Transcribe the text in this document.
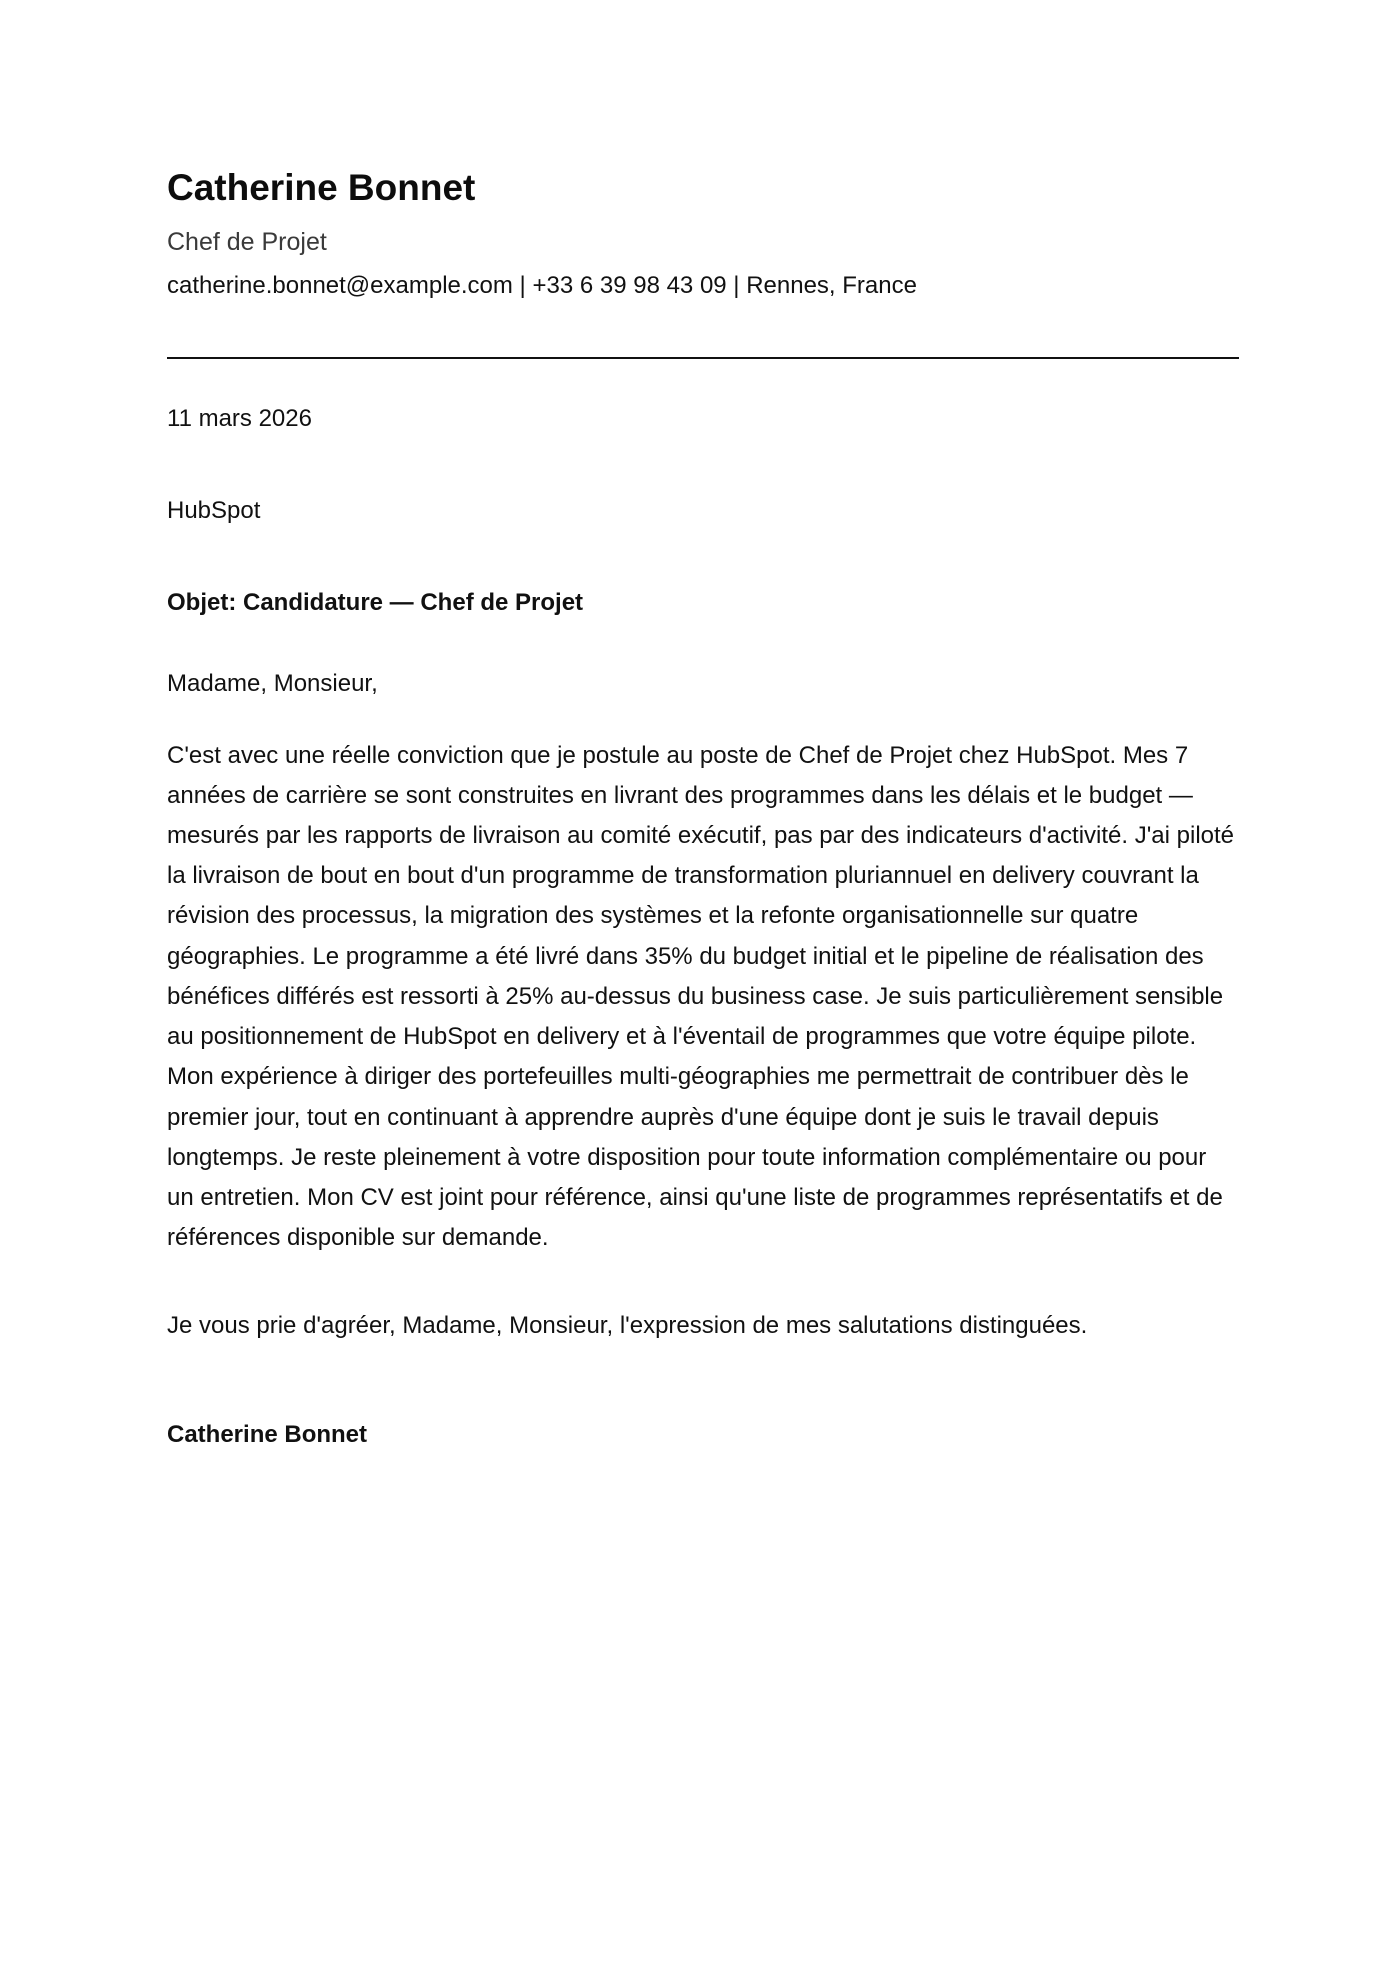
Catherine Bonnet
Chef de Projet
catherine.bonnet@example.com | +33 6 39 98 43 09 | Rennes, France
11 mars 2026
HubSpot
Objet: Candidature — Chef de Projet
Madame, Monsieur,

C'est avec une réelle conviction que je postule au poste de Chef de Projet chez HubSpot. Mes 7 années de carrière se sont construites en livrant des programmes dans les délais et le budget — mesurés par les rapports de livraison au comité exécutif, pas par des indicateurs d'activité. J'ai piloté la livraison de bout en bout d'un programme de transformation pluriannuel en delivery couvrant la révision des processus, la migration des systèmes et la refonte organisationnelle sur quatre géographies. Le programme a été livré dans 35% du budget initial et le pipeline de réalisation des bénéfices différés est ressorti à 25% au-dessus du business case. Je suis particulièrement sensible au positionnement de HubSpot en delivery et à l'éventail de programmes que votre équipe pilote. Mon expérience à diriger des portefeuilles multi-géographies me permettrait de contribuer dès le premier jour, tout en continuant à apprendre auprès d'une équipe dont je suis le travail depuis longtemps. Je reste pleinement à votre disposition pour toute information complémentaire ou pour un entretien. Mon CV est joint pour référence, ainsi qu'une liste de programmes représentatifs et de références disponible sur demande.

Je vous prie d'agréer, Madame, Monsieur, l'expression de mes salutations distinguées.
Catherine Bonnet
